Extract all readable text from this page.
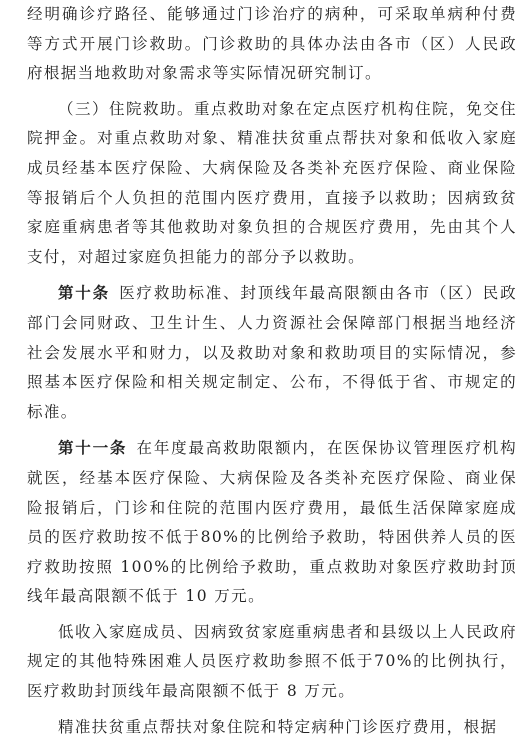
经明确诊疗路径、能够通过门诊治疗的病种，可采取单病种付费等方式开展门诊救助。门诊救助的具体办法由各市（区）人民政府根据当地救助对象需求等实际情况研究制订。

（三）住院救助。重点救助对象在定点医疗机构住院，免交住院押金。对重点救助对象、精准扶贫重点帮扶对象和低收入家庭成员经基本医疗保险、大病保险及各类补充医疗保险、商业保险等报销后个人负担的范围内医疗费用，直接予以救助；因病致贫家庭重病患者等其他救助对象负担的合规医疗费用，先由其个人支付，对超过家庭负担能力的部分予以救助。

第十条 医疗救助标准、封顶线年最高限额由各市（区）民政部门会同财政、卫生计生、人力资源社会保障部门根据当地经济社会发展水平和财力，以及救助对象和救助项目的实际情况，参照基本医疗保险和相关规定制定、公布，不得低于省、市规定的标准。

第十一条 在年度最高救助限额内，在医保协议管理医疗机构就医，经基本医疗保险、大病保险及各类补充医疗保险、商业保险报销后，门诊和住院的范围内医疗费用，最低生活保障家庭成员的医疗救助按不低于80%的比例给予救助，特困供养人员的医疗救助按照 100%的比例给予救助，重点救助对象医疗救助封顶线年最高限额不低于 10 万元。

低收入家庭成员、因病致贫家庭重病患者和县级以上人民政府规定的其他特殊困难人员医疗救助参照不低于70%的比例执行，医疗救助封顶线年最高限额不低于 8 万元。

精准扶贫重点帮扶对象住院和特定病种门诊医疗费用，根据
